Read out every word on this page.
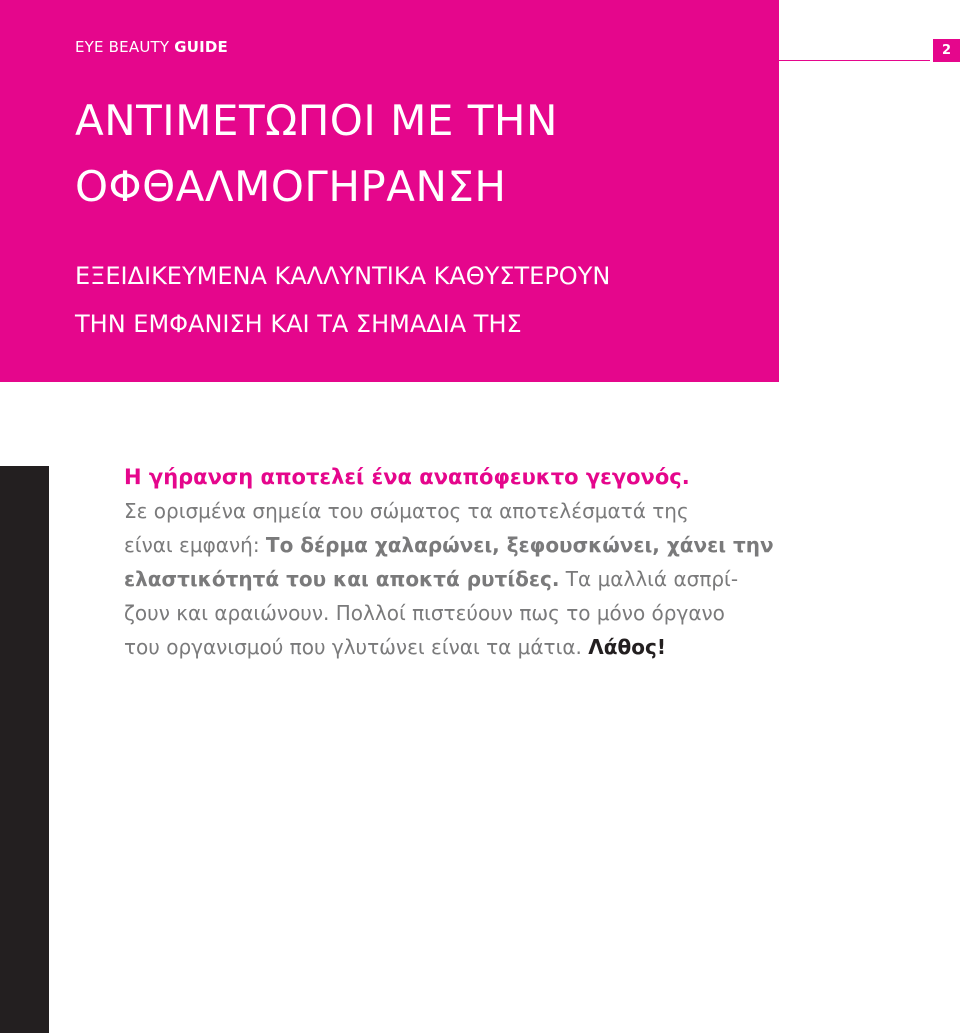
EYE BEAUTY GUIDE
ΑΝΤΙΜΕΤΩΠΟΙ ΜΕ ΤΗΝ
ΟΦΘΑΛΜΟΓΗΡΑΝΣΗ
ΕΞΕΙΔΙΚΕΥΜΕΝΑ ΚΑΛΛΥΝΤΙΚΑ ΚΑΘΥΣΤΕΡΟΥΝ
ΤΗΝ ΕΜΦΑΝΙΣΗ ΚΑΙ ΤΑ ΣΗΜΑΔΙΑ ΤΗΣ
2
Η γήρανση αποτελεί ένα αναπόφευκτο γεγονός.
Σε ορισμένα σημεία του σώματος τα αποτελέσματά της
είναι εμφανή: Το δέρμα χαλαρώνει, ξεφουσκώνει, χάνει την
ελαστικότητά του και αποκτά ρυτίδες. Τα μαλλιά ασπρί-
ζουν και αραιώνουν. Πολλοί πιστεύουν πως το μόνο όργανο
του οργανισμού που γλυτώνει είναι τα μάτια. Λάθος!
